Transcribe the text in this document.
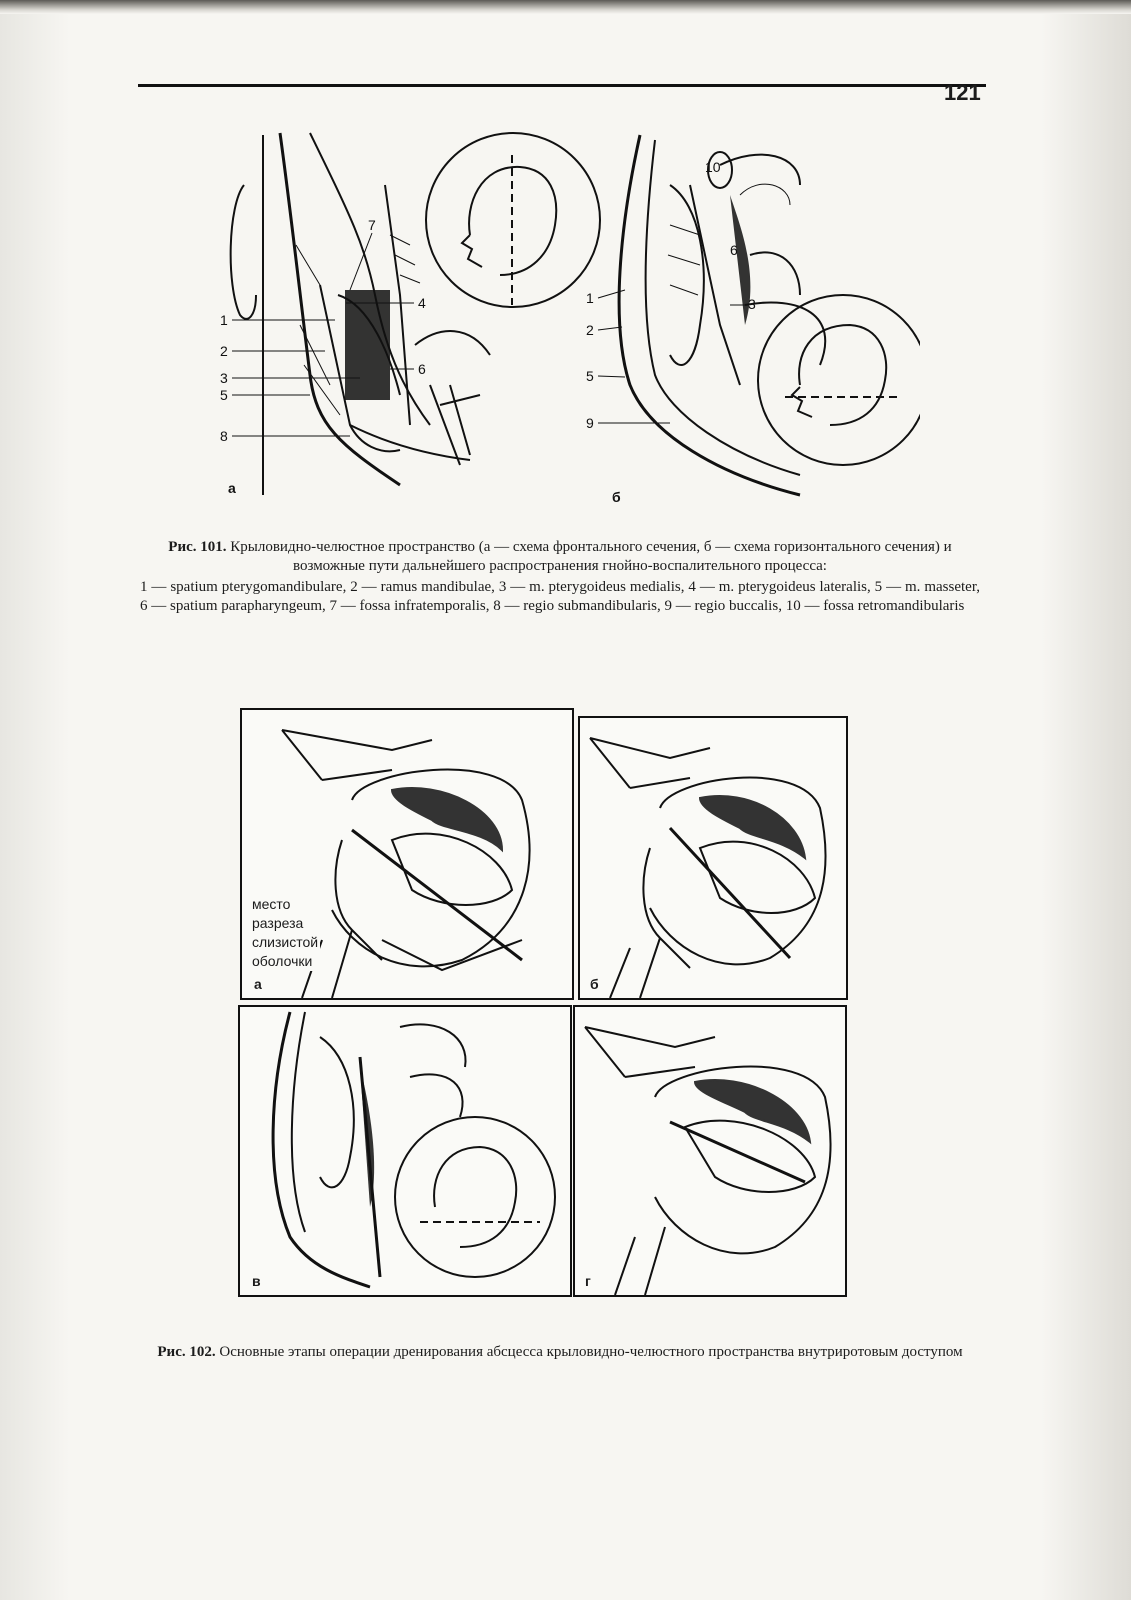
121
1
2
3
5
8
7
4
6
а
1
2
5
9
10
6
3
б
Рис. 101. Крыловидно-челюстное пространство (а — схема фронтального сечения, б — схема горизонтального сечения) и возможные пути дальнейшего распространения гнойно-воспалительного процесса:
1 — spatium pterygomandibulare, 2 — ramus mandibulae, 3 — m. pterygoideus medialis, 4 — m. pterygoideus lateralis, 5 — m. masseter, 6 — spatium parapharyngeum, 7 — fossa infratemporalis, 8 — regio submandibularis, 9 — regio buccalis, 10 — fossa retromandibularis
место
разреза
слизистой
оболочки
а	б
в	г
Рис. 102. Основные этапы операции дренирования абсцесса крыловидно-челюстного пространства внутриротовым доступом
